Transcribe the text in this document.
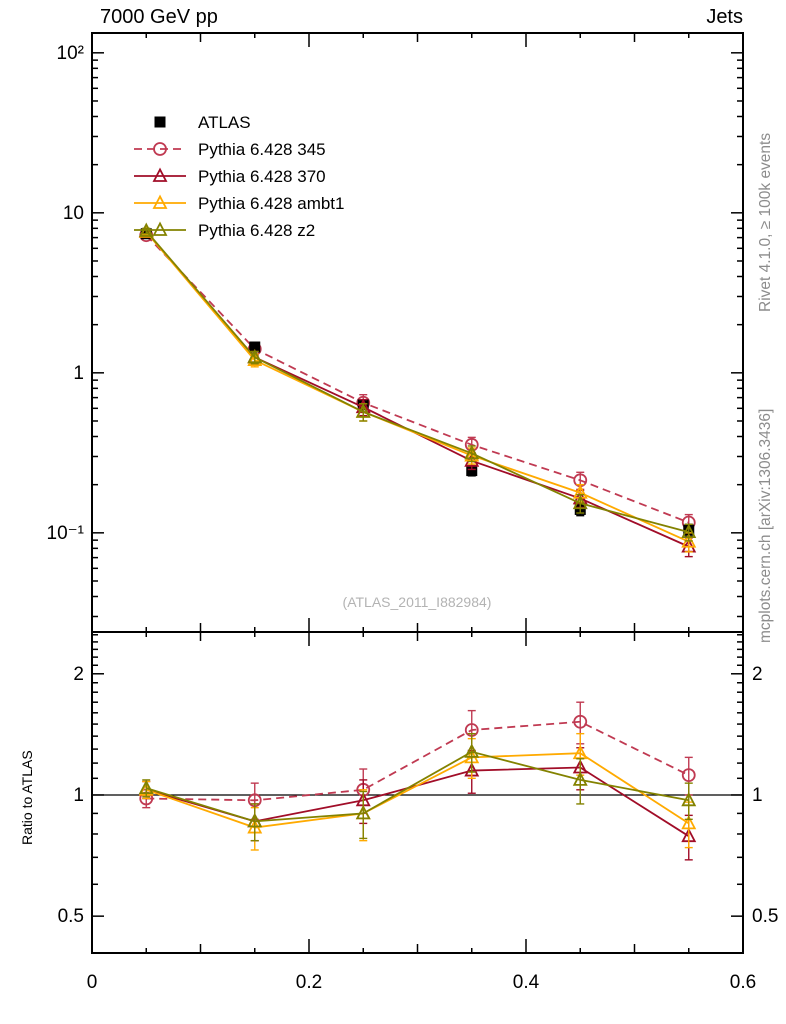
7000 GeV pp	Jets
0	0.2	0.4	0.6
10²
10
1
10⁻¹
2	2
1	1
0.5	0.5
ATLAS
Pythia 6.428 345
Pythia 6.428 370
Pythia 6.428 ambt1
Pythia 6.428 z2
(ATLAS_2011_I882984)
Rivet 4.1.0, ≥ 100k events
mcplots.cern.ch [arXiv:1306.3436]
Ratio to ATLAS
